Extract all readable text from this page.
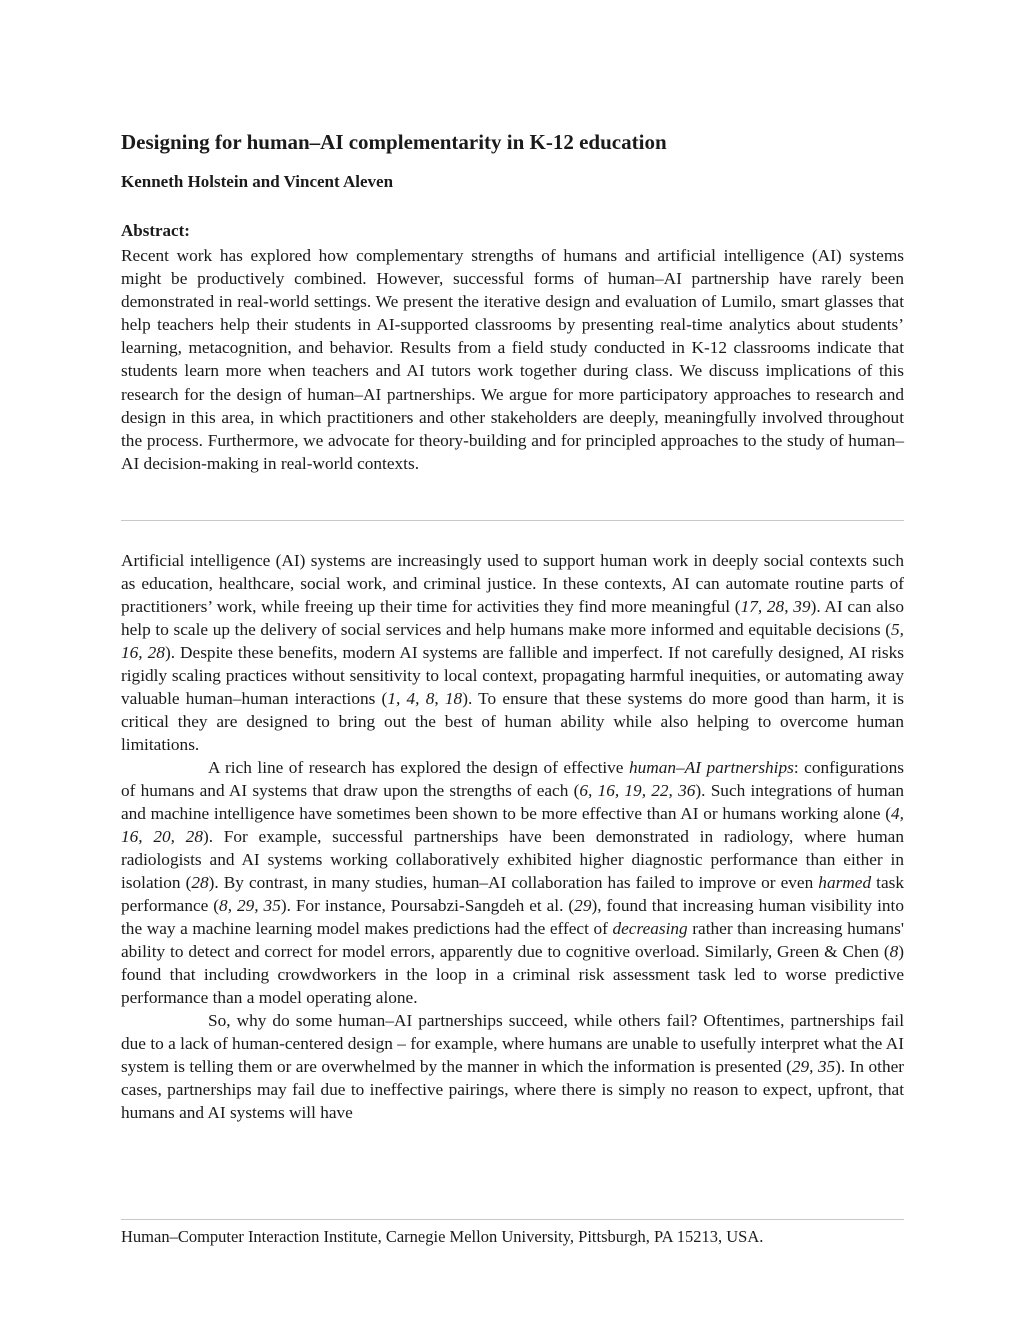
Designing for human–AI complementarity in K-12 education
Kenneth Holstein and Vincent Aleven
Abstract:

Recent work has explored how complementary strengths of humans and artificial intelligence (AI) systems might be productively combined. However, successful forms of human–AI partnership have rarely been demonstrated in real-world settings. We present the iterative design and evaluation of Lumilo, smart glasses that help teachers help their students in AI-supported classrooms by presenting real-time analytics about students’ learning, metacognition, and behavior. Results from a field study conducted in K-12 classrooms indicate that students learn more when teachers and AI tutors work together during class. We discuss implications of this research for the design of human–AI partnerships. We argue for more participatory approaches to research and design in this area, in which practitioners and other stakeholders are deeply, meaningfully involved throughout the process. Furthermore, we advocate for theory-building and for principled approaches to the study of human–AI decision-making in real-world contexts.

Artificial intelligence (AI) systems are increasingly used to support human work in deeply social contexts such as education, healthcare, social work, and criminal justice. In these contexts, AI can automate routine parts of practitioners’ work, while freeing up their time for activities they find more meaningful (17, 28, 39). AI can also help to scale up the delivery of social services and help humans make more informed and equitable decisions (5, 16, 28). Despite these benefits, modern AI systems are fallible and imperfect. If not carefully designed, AI risks rigidly scaling practices without sensitivity to local context, propagating harmful inequities, or automating away valuable human–human interactions (1, 4, 8, 18). To ensure that these systems do more good than harm, it is critical they are designed to bring out the best of human ability while also helping to overcome human limitations.

A rich line of research has explored the design of effective human–AI partnerships: configurations of humans and AI systems that draw upon the strengths of each (6, 16, 19, 22, 36). Such integrations of human and machine intelligence have sometimes been shown to be more effective than AI or humans working alone (4, 16, 20, 28). For example, successful partnerships have been demonstrated in radiology, where human radiologists and AI systems working collaboratively exhibited higher diagnostic performance than either in isolation (28). By contrast, in many studies, human–AI collaboration has failed to improve or even harmed task performance (8, 29, 35). For instance, Poursabzi-Sangdeh et al. (29), found that increasing human visibility into the way a machine learning model makes predictions had the effect of decreasing rather than increasing humans' ability to detect and correct for model errors, apparently due to cognitive overload. Similarly, Green & Chen (8) found that including crowdworkers in the loop in a criminal risk assessment task led to worse predictive performance than a model operating alone.

So, why do some human–AI partnerships succeed, while others fail? Oftentimes, partnerships fail due to a lack of human-centered design – for example, where humans are unable to usefully interpret what the AI system is telling them or are overwhelmed by the manner in which the information is presented (29, 35). In other cases, partnerships may fail due to ineffective pairings, where there is simply no reason to expect, upfront, that humans and AI systems will have

Human–Computer Interaction Institute, Carnegie Mellon University, Pittsburgh, PA 15213, USA.
